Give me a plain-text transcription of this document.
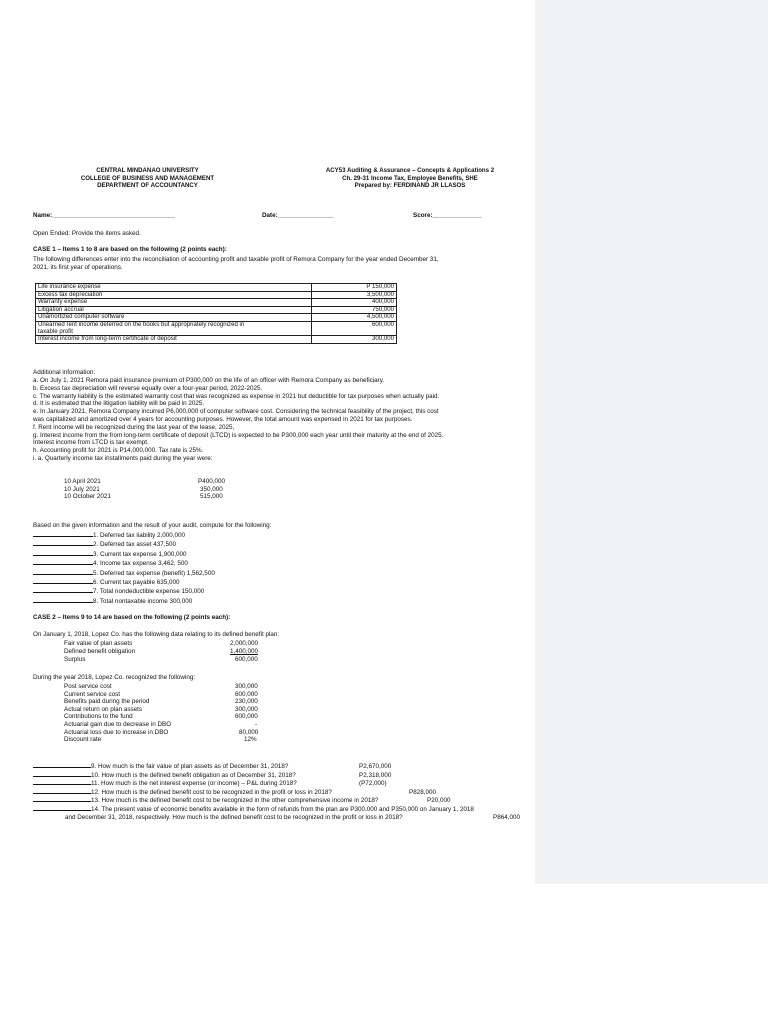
CENTRAL MINDANAO UNIVERSITY
COLLEGE OF BUSINESS AND MANAGEMENT
DEPARTMENT OF ACCOUNTANCY
ACY53 Auditing & Assurance – Concepts & Applications 2
Ch. 29-31 Income Tax, Employee Benefits, SHE
Prepared by: FERDINAND JR LLASOS
Name:___________________________________	Date:________________	Score:______________
Open Ended: Provide the items asked.
CASE 1 – Items 1 to 8 are based on the following (2 points each):
The following differences enter into the reconciliation of accounting profit and taxable profit of Remora Company for the year ended December 31,
2021, its first year of operations.
Life insurance expense	P 150,000
Excess tax depreciation	3,500,000
Warranty expense	400,000
Litigation accrual	750,000
Unamortized computer software	4,500,000
Unearned rent income deferred on the books but appropriately recognized in taxable profit	600,000
Interest income from long-term certificate of deposit	300,000
Additional information:
a. On July 1, 2021 Remora paid insurance premium of P300,000 on the life of an officer with Remora Company as beneficiary.
b. Excess tax depreciation will reverse equally over a four-year period, 2022-2025.
c. The warranty liability is the estimated warranty cost that was recognized as expense in 2021 but deductible for tax purposes when actually paid.
d. It is estimated that the litigation liability will be paid in 2025.
e. In January 2021, Remora Company incurred P6,000,000 of computer software cost. Considering the technical feasibility of the project, this cost
was capitalized and amortized over 4 years for accounting purposes. However, the total amount was expensed in 2021 for tax purposes.
f. Rent income will be recognized during the last year of the lease, 2025,
g. Interest income from the from long-term certificate of deposit (LTCD) is expected to be P300,000 each year until their maturity at the end of 2025.
Interest income from LTCD is tax exempt.
h. Accounting profit for 2021 is P14,000,000. Tax rate is 25%.
i. a. Quarterly income tax installments paid during the year were:
10 April 2021	P400,000
10 July 2021	350,000
10 October 2021	515,000
Based on the given information and the result of your audit, compute for the following:
1. Deferred tax liability 2,000,000
2. Deferred tax asset 437,500
3. Current tax expense 1,900,000
4. Income tax expense 3,462, 500
5. Deferred tax expense (benefit) 1,562,500
6. Current tax payable 635,000
7. Total nondeductible expense 150,000
8. Total nontaxable income 300,000
CASE 2 – Items 9 to 14 are based on the following (2 points each):
On January 1, 2018, Lopez Co. has the following data relating to its defined benefit plan:
Fair value of plan assets	2,000,000
Defined benefit obligation	1,400,000
Surplus	600,000
During the year 2018, Lopez Co. recognized the following:
Post service cost	300,000
Current service cost	600,000
Benefits paid during the period	230,000
Actual return on plan assets	300,000
Contributions to the fund	600,000
Actuarial gain due to decrease in DBO	-
Actuarial loss due to increase in DBO	80,000
Discount rate	12%
9. How much is the fair value of plan assets as of December 31, 2018?	P2,670,000
10. How much is the defined benefit obligation as of December 31, 2018?	P2,318,000
11. How much is the net interest expense (or income) – P&L during 2018?	(P72,000)
12. How much is the defined benefit cost to be recognized in the profit or loss in 2018?	P828,000
13. How much is the defined benefit cost to be recognized in the other comprehensive income in 2018?	P20,000
14. The present value of economic benefits available in the form of refunds from the plan are P300,000 and P350,000 on January 1, 2018
and December 31, 2018, respectively. How much is the defined benefit cost to be recognized in the profit or loss in 2018?	P864,000
